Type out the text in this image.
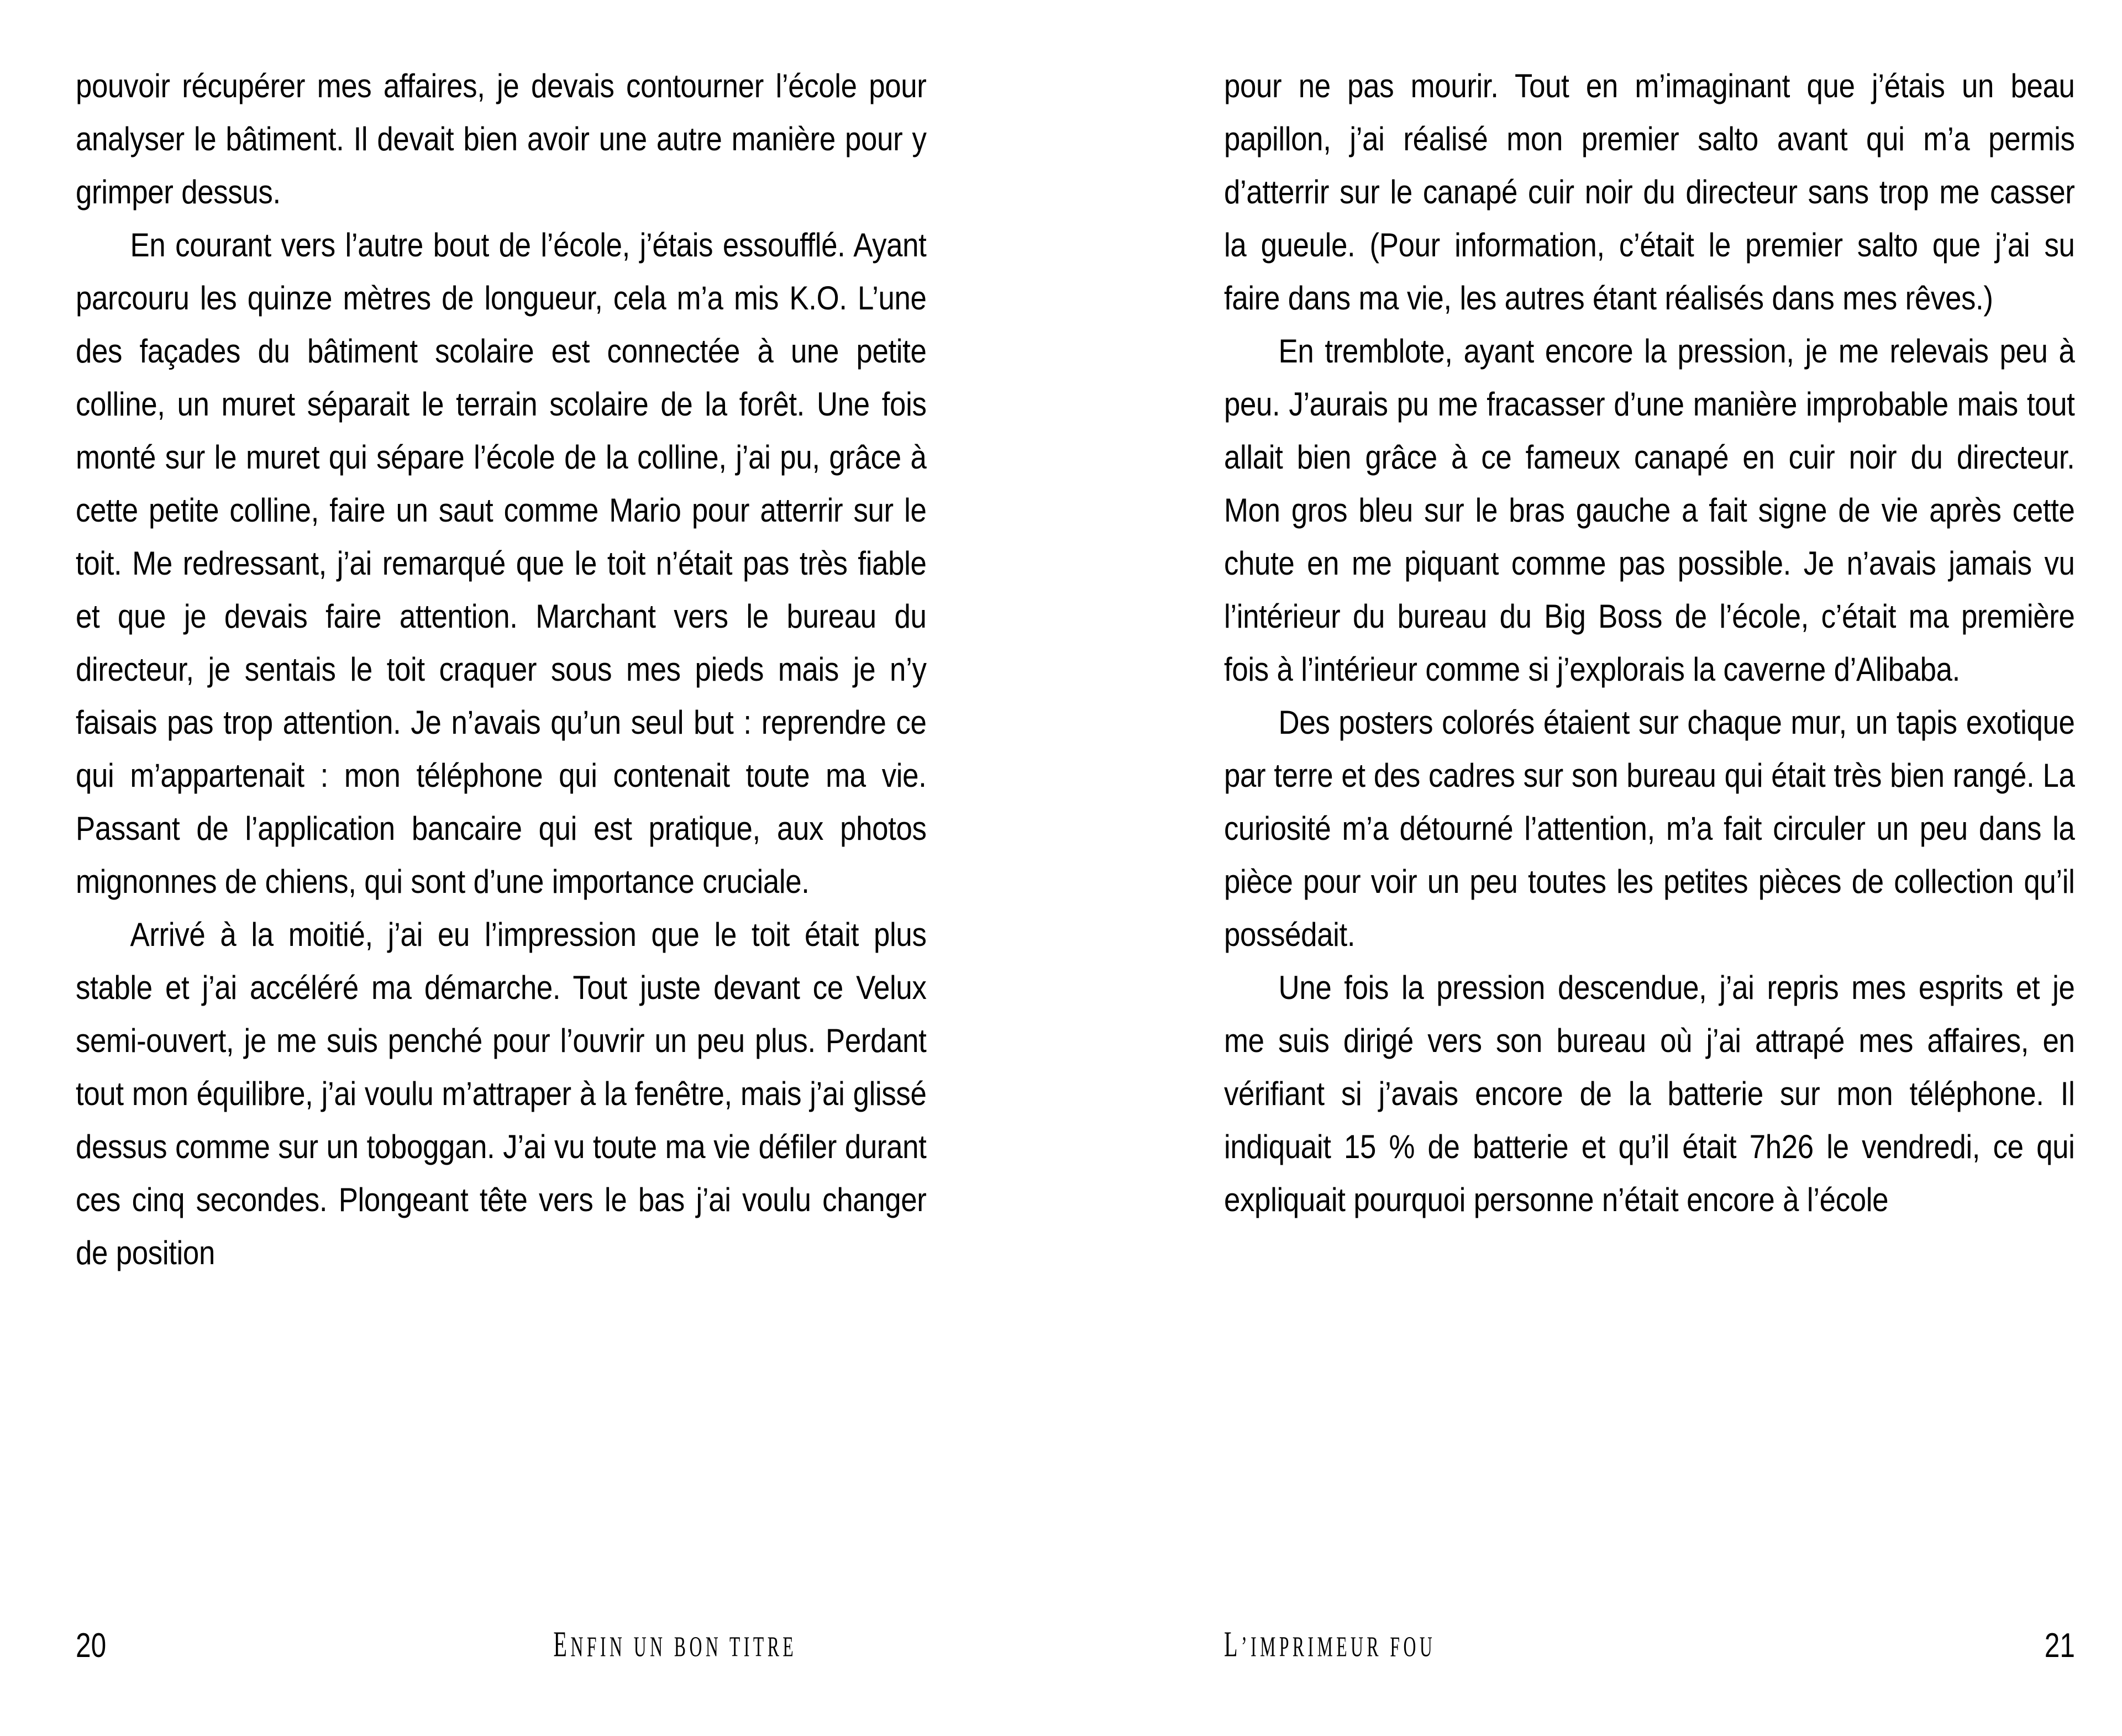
pouvoir récupérer mes affaires, je devais contourner l’école pour analyser le bâtiment. Il devait bien avoir une autre manière pour y grimper dessus.

En courant vers l’autre bout de l’école, j’étais essoufflé. Ayant parcouru les quinze mètres de longueur, cela m’a mis K.O. L’une des façades du bâtiment scolaire est connectée à une petite colline, un muret séparait le terrain scolaire de la forêt. Une fois monté sur le muret qui sépare l’école de la colline, j’ai pu, grâce à cette petite colline, faire un saut comme Mario pour atterrir sur le toit. Me redressant, j’ai remarqué que le toit n’était pas très fiable et que je devais faire attention. Marchant vers le bureau du directeur, je sentais le toit craquer sous mes pieds mais je n’y faisais pas trop attention. Je n’avais qu’un seul but : reprendre ce qui m’appartenait : mon téléphone qui contenait toute ma vie. Passant de l’application bancaire qui est pratique, aux photos mignonnes de chiens, qui sont d’une importance cruciale.

Arrivé à la moitié, j’ai eu l’impression que le toit était plus stable et j’ai accéléré ma démarche. Tout juste devant ce Velux semi-ouvert, je me suis penché pour l’ouvrir un peu plus. Perdant tout mon équilibre, j’ai voulu m’attraper à la fenêtre, mais j’ai glissé dessus comme sur un toboggan. J’ai vu toute ma vie défiler durant ces cinq secondes. Plongeant tête vers le bas j’ai voulu changer de position

pour ne pas mourir. Tout en m’imaginant que j’étais un beau papillon, j’ai réalisé mon premier salto avant qui m’a permis d’atterrir sur le canapé cuir noir du directeur sans trop me casser la gueule. (Pour information, c’était le premier salto que j’ai su faire dans ma vie, les autres étant réalisés dans mes rêves.)

En tremblote, ayant encore la pression, je me relevais peu à peu. J’aurais pu me fracasser d’une manière improbable mais tout allait bien grâce à ce fameux canapé en cuir noir du directeur. Mon gros bleu sur le bras gauche a fait signe de vie après cette chute en me piquant comme pas possible. Je n’avais jamais vu l’intérieur du bureau du Big Boss de l’école, c’était ma première fois à l’intérieur comme si j’explorais la caverne d’Alibaba.

Des posters colorés étaient sur chaque mur, un tapis exotique par terre et des cadres sur son bureau qui était très bien rangé. La curiosité m’a détourné l’attention, m’a fait circuler un peu dans la pièce pour voir un peu toutes les petites pièces de collection qu’il possédait.

Une fois la pression descendue, j’ai repris mes esprits et je me suis dirigé vers son bureau où j’ai attrapé mes affaires, en vérifiant si j’avais encore de la batterie sur mon téléphone. Il indiquait 15 % de batterie et qu’il était 7h26 le vendredi, ce qui expliquait pourquoi personne n’était encore à l’école

20	ENFIN UN BON TITRE	L’IMPRIMEUR FOU	21
